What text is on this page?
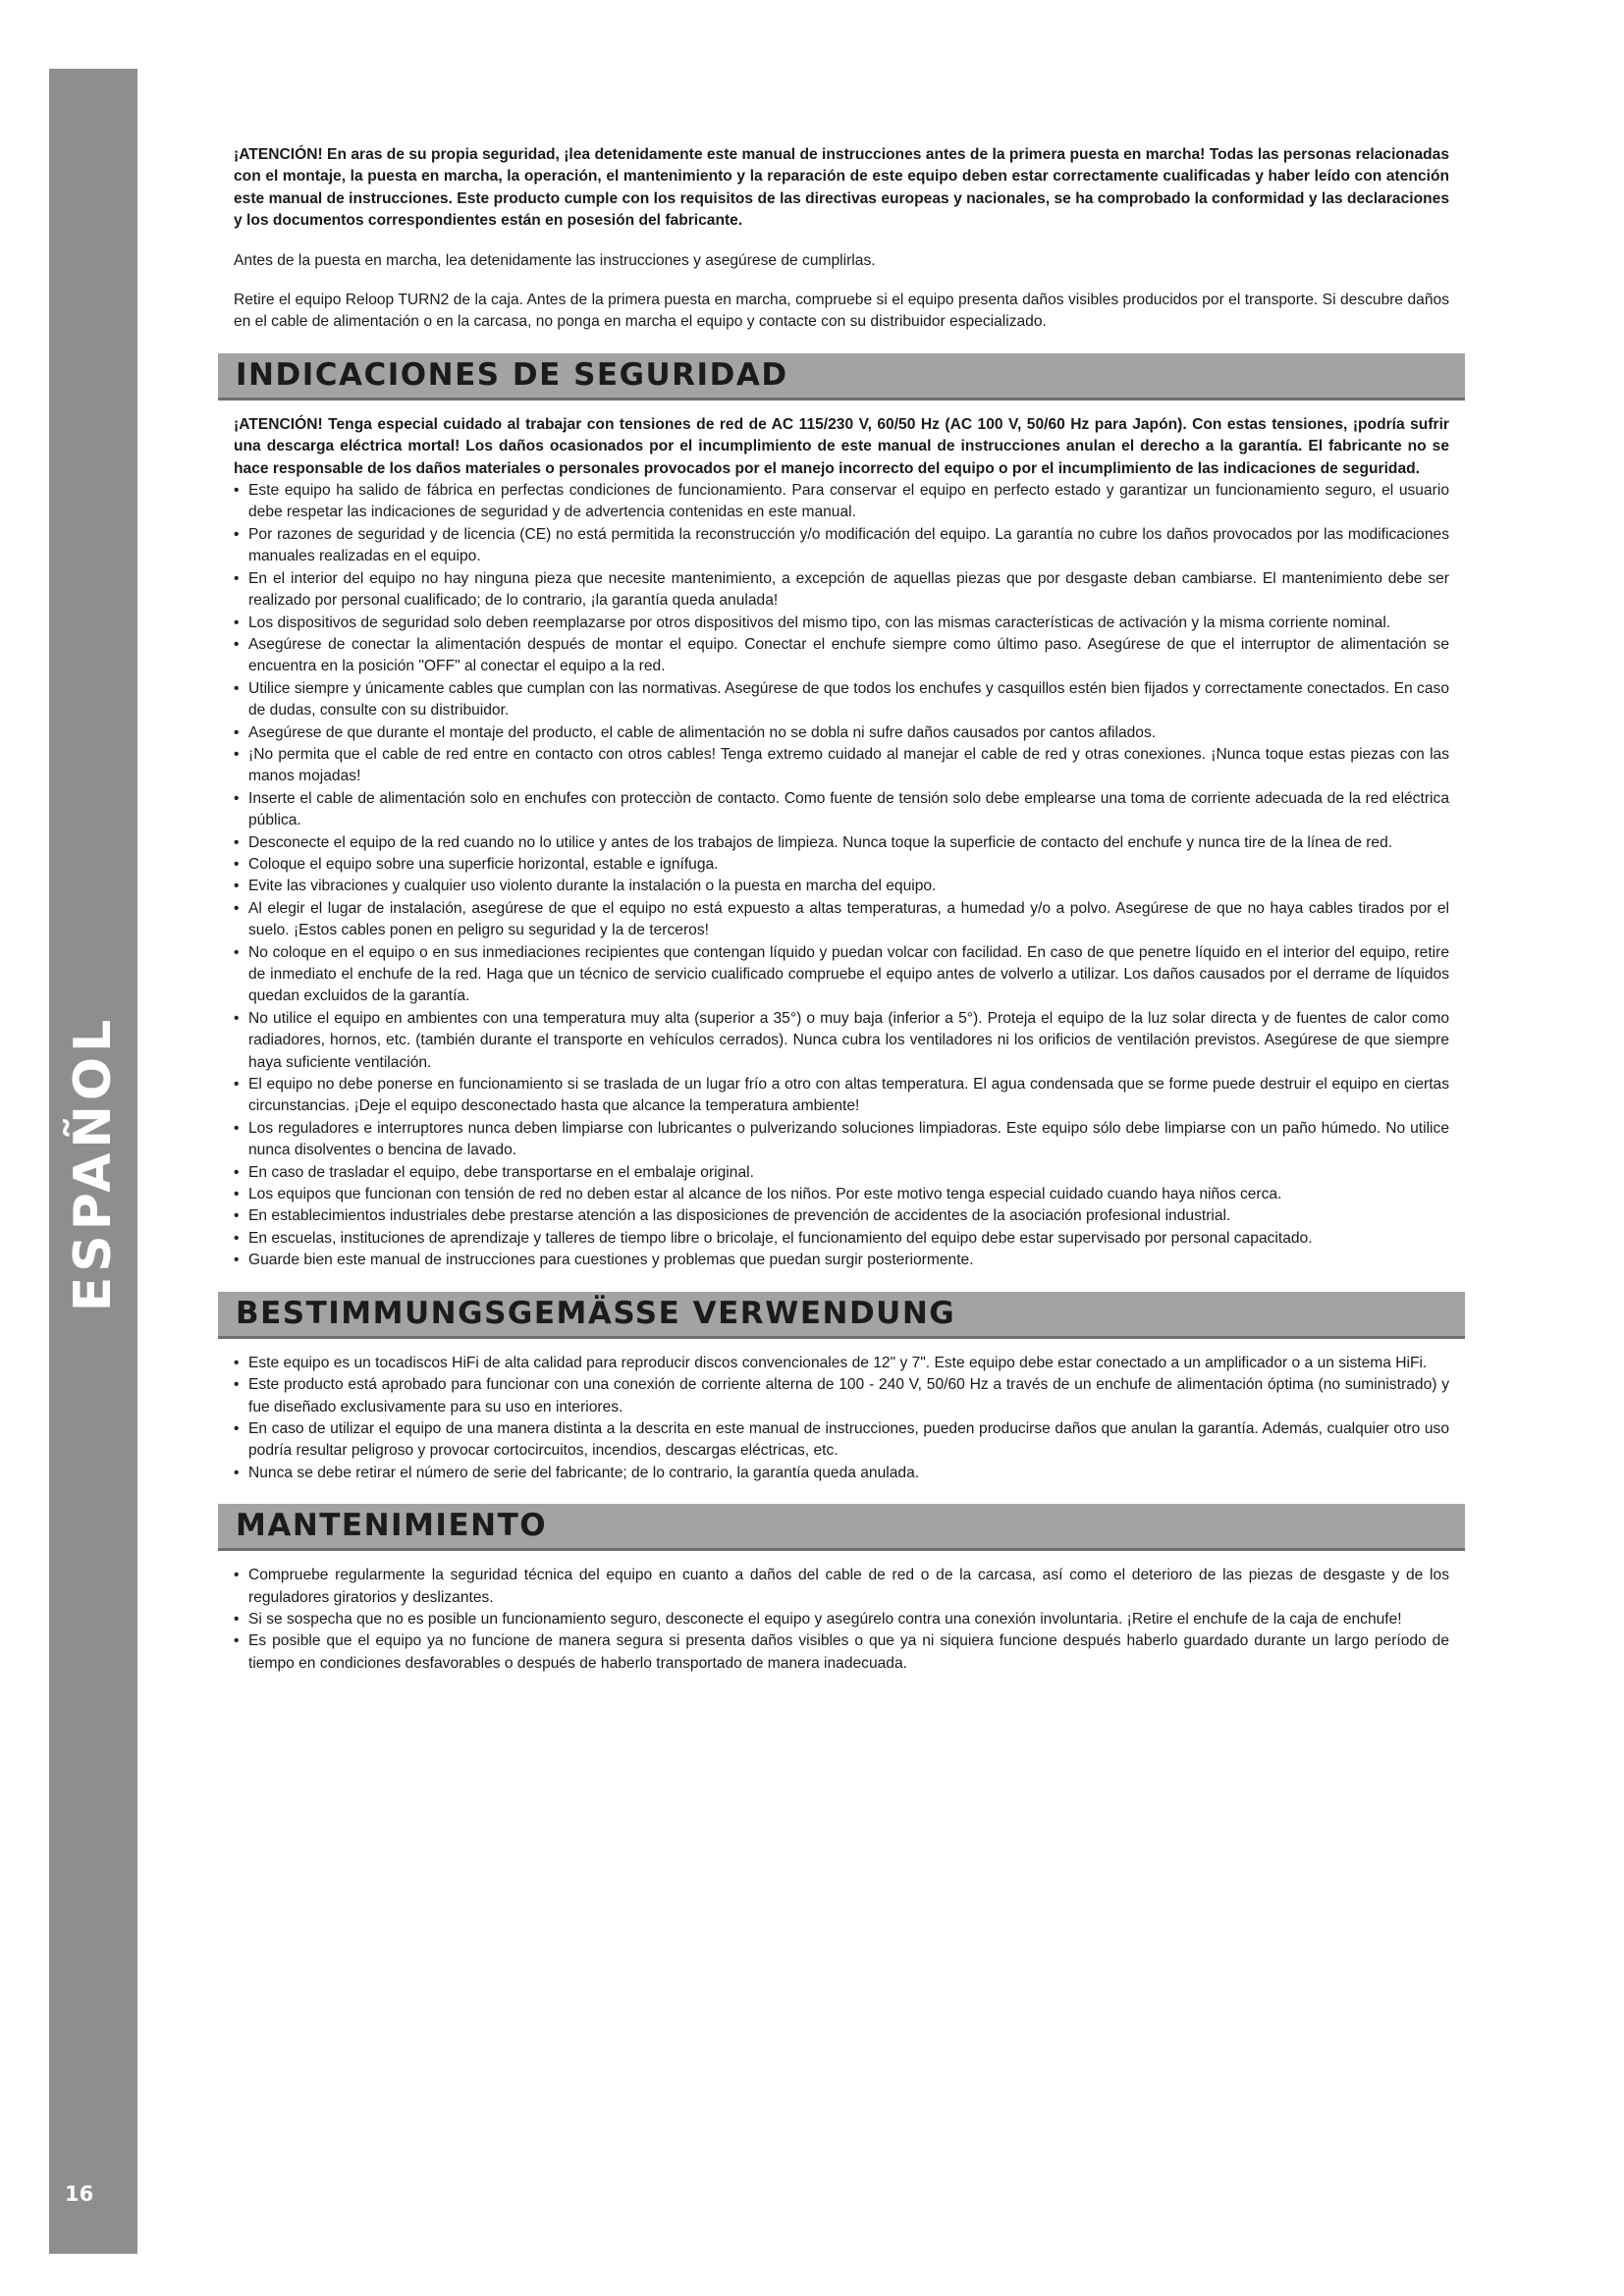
ESPAÑOL
16

¡ATENCIÓN! En aras de su propia seguridad, ¡lea detenidamente este manual de instrucciones antes de la primera puesta en marcha! Todas las personas relacionadas con el montaje, la puesta en marcha, la operación, el mantenimiento y la reparación de este equipo deben estar correctamente cualificadas y haber leído con atención este manual de instrucciones. Este producto cumple con los requisitos de las directivas europeas y nacionales, se ha comprobado la conformidad y las declaraciones y los documentos correspondientes están en posesión del fabricante.

Antes de la puesta en marcha, lea detenidamente las instrucciones y asegúrese de cumplirlas.

Retire el equipo Reloop TURN2 de la caja. Antes de la primera puesta en marcha, compruebe si el equipo presenta daños visibles producidos por el transporte. Si descubre daños en el cable de alimentación o en la carcasa, no ponga en marcha el equipo y contacte con su distribuidor especializado.

INDICACIONES DE SEGURIDAD

¡ATENCIÓN! Tenga especial cuidado al trabajar con tensiones de red de AC 115/230 V, 60/50 Hz (AC 100 V, 50/60 Hz para Japón). Con estas tensiones, ¡podría sufrir una descarga eléctrica mortal! Los daños ocasionados por el incumplimiento de este manual de instrucciones anulan el derecho a la garantía. El fabricante no se hace responsable de los daños materiales o personales provocados por el manejo incorrecto del equipo o por el incumplimiento de las indicaciones de seguridad.

• Este equipo ha salido de fábrica en perfectas condiciones de funcionamiento. Para conservar el equipo en perfecto estado y garantizar un funcionamiento seguro, el usuario debe respetar las indicaciones de seguridad y de advertencia contenidas en este manual.
• Por razones de seguridad y de licencia (CE) no está permitida la reconstrucción y/o modificación del equipo. La garantía no cubre los daños provocados por las modificaciones manuales realizadas en el equipo.
• En el interior del equipo no hay ninguna pieza que necesite mantenimiento, a excepción de aquellas piezas que por desgaste deban cambiarse. El mantenimiento debe ser realizado por personal cualificado; de lo contrario, ¡la garantía queda anulada!
• Los dispositivos de seguridad solo deben reemplazarse por otros dispositivos del mismo tipo, con las mismas características de activación y la misma corriente nominal.
• Asegúrese de conectar la alimentación después de montar el equipo. Conectar el enchufe siempre como último paso. Asegúrese de que el interruptor de alimentación se encuentra en la posición "OFF" al conectar el equipo a la red.
• Utilice siempre y únicamente cables que cumplan con las normativas. Asegúrese de que todos los enchufes y casquillos estén bien fijados y correctamente conectados. En caso de dudas, consulte con su distribuidor.
• Asegúrese de que durante el montaje del producto, el cable de alimentación no se dobla ni sufre daños causados por cantos afilados.
• ¡No permita que el cable de red entre en contacto con otros cables! Tenga extremo cuidado al manejar el cable de red y otras conexiones. ¡Nunca toque estas piezas con las manos mojadas!
• Inserte el cable de alimentación solo en enchufes con protecciòn de contacto. Como fuente de tensión solo debe emplearse una toma de corriente adecuada de la red eléctrica pública.
• Desconecte el equipo de la red cuando no lo utilice y antes de los trabajos de limpieza. Nunca toque la superficie de contacto del enchufe y nunca tire de la línea de red.
• Coloque el equipo sobre una superficie horizontal, estable e ignífuga.
• Evite las vibraciones y cualquier uso violento durante la instalación o la puesta en marcha del equipo.
• Al elegir el lugar de instalación, asegúrese de que el equipo no está expuesto a altas temperaturas, a humedad y/o a polvo. Asegúrese de que no haya cables tirados por el suelo. ¡Estos cables ponen en peligro su seguridad y la de terceros!
• No coloque en el equipo o en sus inmediaciones recipientes que contengan líquido y puedan volcar con facilidad. En caso de que penetre líquido en el interior del equipo, retire de inmediato el enchufe de la red. Haga que un técnico de servicio cualificado compruebe el equipo antes de volverlo a utilizar. Los daños causados por el derrame de líquidos quedan excluidos de la garantía.
• No utilice el equipo en ambientes con una temperatura muy alta (superior a 35°) o muy baja (inferior a 5°). Proteja el equipo de la luz solar directa y de fuentes de calor como radiadores, hornos, etc. (también durante el transporte en vehículos cerrados). Nunca cubra los ventiladores ni los orificios de ventilación previstos. Asegúrese de que siempre haya suficiente ventilación.
• El equipo no debe ponerse en funcionamiento si se traslada de un lugar frío a otro con altas temperatura. El agua condensada que se forme puede destruir el equipo en ciertas circunstancias. ¡Deje el equipo desconectado hasta que alcance la temperatura ambiente!
• Los reguladores e interruptores nunca deben limpiarse con lubricantes o pulverizando soluciones limpiadoras. Este equipo sólo debe limpiarse con un paño húmedo. No utilice nunca disolventes o bencina de lavado.
• En caso de trasladar el equipo, debe transportarse en el embalaje original.
• Los equipos que funcionan con tensión de red no deben estar al alcance de los niños. Por este motivo tenga especial cuidado cuando haya niños cerca.
• En establecimientos industriales debe prestarse atención a las disposiciones de prevención de accidentes de la asociación profesional industrial.
• En escuelas, instituciones de aprendizaje y talleres de tiempo libre o bricolaje, el funcionamiento del equipo debe estar supervisado por personal capacitado.
• Guarde bien este manual de instrucciones para cuestiones y problemas que puedan surgir posteriormente.
BESTIMMUNGSGEMÄSSE VERWENDUNG
• Este equipo es un tocadiscos HiFi de alta calidad para reproducir discos convencionales de 12" y 7". Este equipo debe estar conectado a un amplificador o a un sistema HiFi.
• Este producto está aprobado para funcionar con una conexión de corriente alterna de 100 - 240 V, 50/60 Hz a través de un enchufe de alimentación óptima (no suministrado) y fue diseñado exclusivamente para su uso en interiores.
• En caso de utilizar el equipo de una manera distinta a la descrita en este manual de instrucciones, pueden producirse daños que anulan la garantía. Además, cualquier otro uso podría resultar peligroso y provocar cortocircuitos, incendios, descargas eléctricas, etc.
• Nunca se debe retirar el número de serie del fabricante; de lo contrario, la garantía queda anulada.
MANTENIMIENTO
• Compruebe regularmente la seguridad técnica del equipo en cuanto a daños del cable de red o de la carcasa, así como el deterioro de las piezas de desgaste y de los reguladores giratorios y deslizantes.
• Si se sospecha que no es posible un funcionamiento seguro, desconecte el equipo y asegúrelo contra una conexión involuntaria. ¡Retire el enchufe de la caja de enchufe!
• Es posible que el equipo ya no funcione de manera segura si presenta daños visibles o que ya ni siquiera funcione después haberlo guardado durante un largo período de tiempo en condiciones desfavorables o después de haberlo transportado de manera inadecuada.
